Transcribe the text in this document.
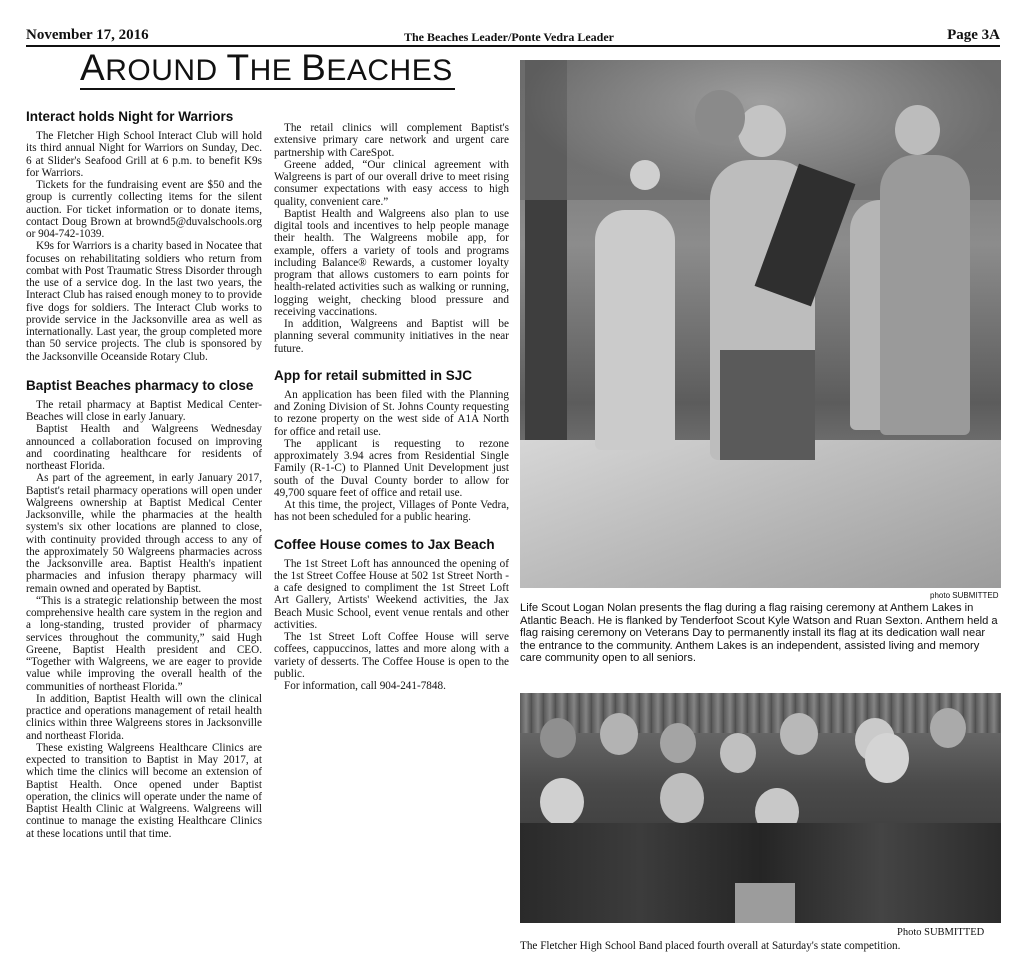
November 17, 2016	The Beaches Leader/Ponte Vedra Leader	Page 3A
AROUND THE BEACHES
Interact holds Night for Warriors

The Fletcher High School Interact Club will hold its third annual Night for Warriors on Sunday, Dec. 6 at Slider's Seafood Grill at 6 p.m. to benefit K9s for Warriors.

Tickets for the fundraising event are $50 and the group is currently collecting items for the silent auction. For ticket information or to donate items, contact Doug Brown at brownd5@duvalschools.org or 904-742-1039.

K9s for Warriors is a charity based in Nocatee that focuses on rehabilitating soldiers who return from combat with Post Traumatic Stress Disorder through the use of a service dog. In the last two years, the Interact Club has raised enough money to to provide five dogs for soldiers. The Interact Club works to provide service in the Jacksonville area as well as internationally. Last year, the group completed more than 50 service projects. The club is sponsored by the Jacksonville Oceanside Rotary Club.

Baptist Beaches pharmacy to close

The retail pharmacy at Baptist Medical Center-Beaches will close in early January.

Baptist Health and Walgreens Wednesday announced a collaboration focused on improving and coordinating healthcare for residents of northeast Florida.

As part of the agreement, in early January 2017, Baptist's retail pharmacy operations will open under Walgreens ownership at Baptist Medical Center Jacksonville, while the pharmacies at the health system's six other locations are planned to close, with continuity provided through access to any of the approximately 50 Walgreens pharmacies across the Jacksonville area. Baptist Health's inpatient pharmacies and infusion therapy pharmacy will remain owned and operated by Baptist.

“This is a strategic relationship between the most comprehensive health care system in the region and a long-standing, trusted provider of pharmacy services throughout the community,” said Hugh Greene, Baptist Health president and CEO. “Together with Walgreens, we are eager to provide value while improving the overall health of the communities of northeast Florida.”

In addition, Baptist Health will own the clinical practice and operations management of retail health clinics within three Walgreens stores in Jacksonville and northeast Florida.

These existing Walgreens Healthcare Clinics are expected to transition to Baptist in May 2017, at which time the clinics will become an extension of Baptist Health. Once opened under Baptist operation, the clinics will operate under the name of Baptist Health Clinic at Walgreens. Walgreens will continue to manage the existing Healthcare Clinics at these locations until that time.

The retail clinics will complement Baptist's extensive primary care network and urgent care partnership with CareSpot.

Greene added, “Our clinical agreement with Walgreens is part of our overall drive to meet rising consumer expectations with easy access to high quality, convenient care.”

Baptist Health and Walgreens also plan to use digital tools and incentives to help people manage their health. The Walgreens mobile app, for example, offers a variety of tools and programs including Balance® Rewards, a customer loyalty program that allows customers to earn points for health-related activities such as walking or running, logging weight, checking blood pressure and receiving vaccinations.

In addition, Walgreens and Baptist will be planning several community initiatives in the near future.

App for retail submitted in SJC

An application has been filed with the Planning and Zoning Division of St. Johns County requesting to rezone property on the west side of A1A North for office and retail use.

The applicant is requesting to rezone approximately 3.94 acres from Residential Single Family (R-1-C) to Planned Unit Development just south of the Duval County border to allow for 49,700 square feet of office and retail use.

At this time, the project, Villages of Ponte Vedra, has not been scheduled for a public hearing.

Coffee House comes to Jax Beach

The 1st Street Loft has announced the opening of the 1st Street Coffee House at 502 1st Street North - a cafe designed to compliment the 1st Street Loft Art Gallery, Artists' Weekend activities, the Jax Beach Music School, event venue rentals and other activities.

The 1st Street Loft Coffee House will serve coffees, cappuccinos, lattes and more along with a variety of desserts. The Coffee House is open to the public.

For information, call 904-241-7848.

photo SUBMITTED
Life Scout Logan Nolan presents the flag during a flag raising ceremony at Anthem Lakes in Atlantic Beach. He is flanked by Tenderfoot Scout Kyle Watson and Ruan Sexton. Anthem held a flag raising ceremony on Veterans Day to permanently install its flag at its dedication wall near the entrance to the community. Anthem Lakes is an independent, assisted living and memory care community open to all seniors.
Photo SUBMITTED
The Fletcher High School Band placed fourth overall at Saturday's state competition.
